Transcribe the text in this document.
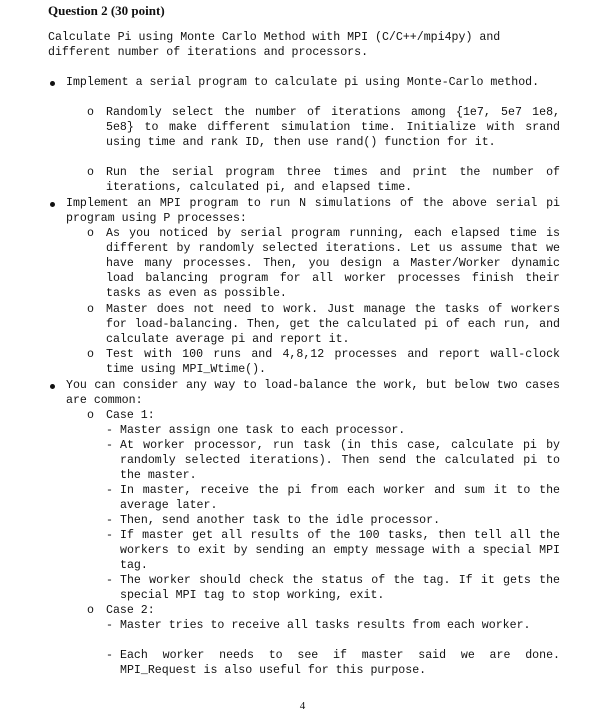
Question 2 (30 point)

Calculate Pi using Monte Carlo Method with MPI (C/C++/mpi4py) and different number of iterations and processors.

Implement a serial program to calculate pi using Monte-Carlo method.

o Randomly select the number of iterations among {1e7, 5e7 1e8, 5e8} to make different simulation time. Initialize with srand using time and rank ID, then use rand() function for it.

o Run the serial program three times and print the number of iterations, calculated pi, and elapsed time.

Implement an MPI program to run N simulations of the above serial pi program using P processes:

o As you noticed by serial program running, each elapsed time is different by randomly selected iterations. Let us assume that we have many processes. Then, you design a Master/Worker dynamic load balancing program for all worker processes finish their tasks as even as possible.

o Master does not need to work. Just manage the tasks of workers for load-balancing. Then, get the calculated pi of each run, and calculate average pi and report it.

o Test with 100 runs and 4,8,12 processes and report wall-clock time using MPI_Wtime().

You can consider any way to load-balance the work, but below two cases are common:

o Case 1:

- Master assign one task to each processor.

- At worker processor, run task (in this case, calculate pi by randomly selected iterations). Then send the calculated pi to the master.

- In master, receive the pi from each worker and sum it to the average later.

- Then, send another task to the idle processor.

- If master get all results of the 100 tasks, then tell all the workers to exit by sending an empty message with a special MPI tag.

- The worker should check the status of the tag. If it gets the special MPI tag to stop working, exit.

o Case 2:

- Master tries to receive all tasks results from each worker.

- Each worker needs to see if master said we are done. MPI_Request is also useful for this purpose.

4
